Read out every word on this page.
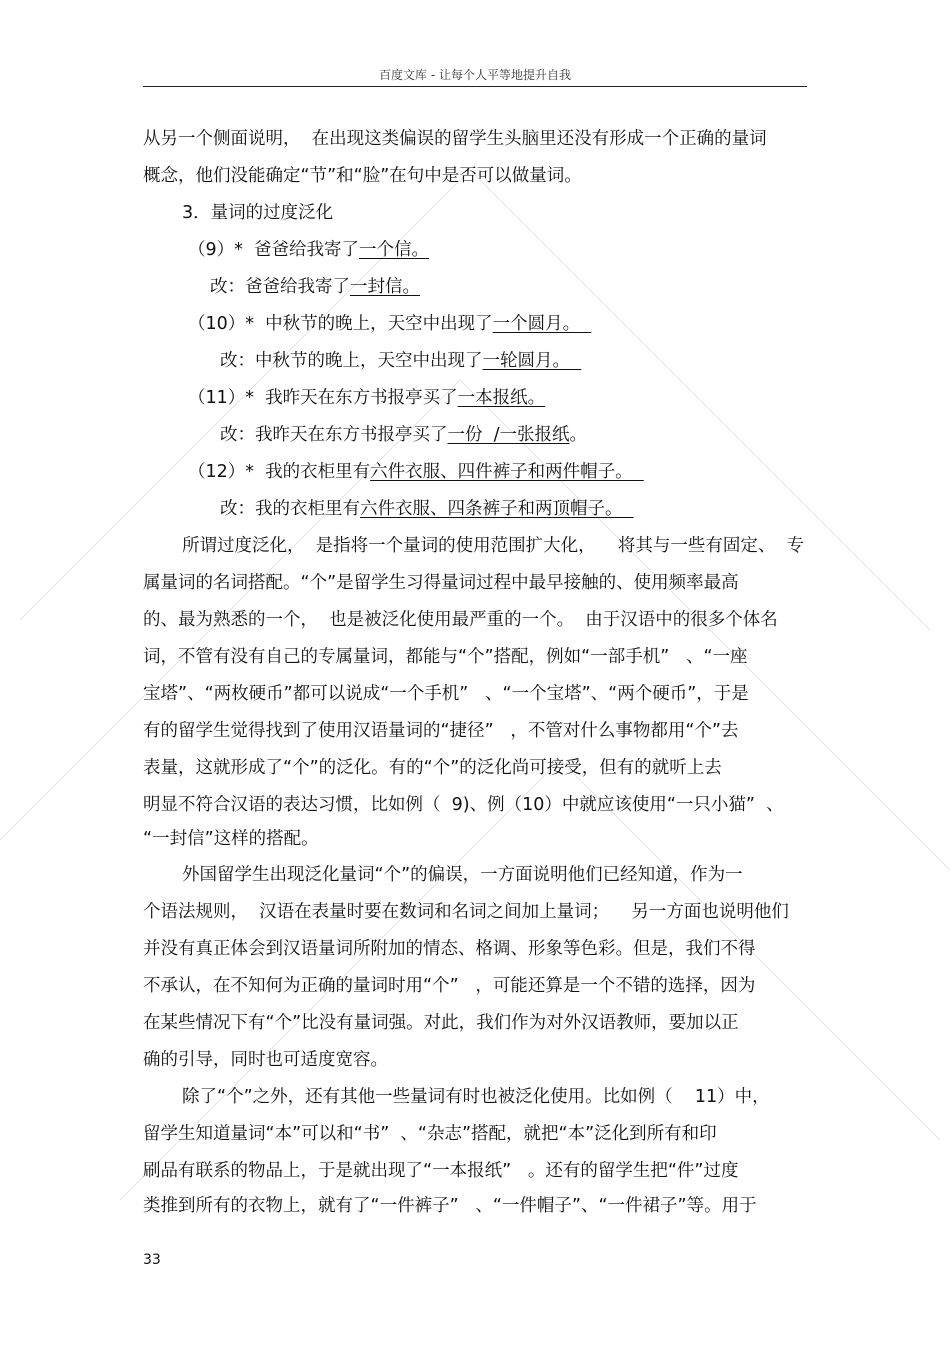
百度文库 - 让每个人平等地提升自我
从另一个侧面说明，  在出现这类偏误的留学生头脑里还没有形成一个正确的量词
概念，他们没能确定“节”和“脸”在句中是否可以做量词。
3．量词的过度泛化
（9）*  爸爸给我寄了一个信。
改：爸爸给我寄了一封信。
（10）*  中秋节的晚上，天空中出现了一个圆月。
改：中秋节的晚上，天空中出现了一轮圆月。
（11）*  我昨天在东方书报亭买了一本报纸。
改：我昨天在东方书报亭买了一份  /一张报纸。
（12）*  我的衣柜里有六件衣服、四件裤子和两件帽子。
改：我的衣柜里有六件衣服、四条裤子和两顶帽子。
所谓过度泛化，  是指将一个量词的使用范围扩大化，    将其与一些有固定、  专
属量词的名词搭配。“个”是留学生习得量词过程中最早接触的、使用频率最高
的、最为熟悉的一个，  也是被泛化使用最严重的一个。  由于汉语中的很多个体名
词，不管有没有自己的专属量词，都能与“个”搭配，例如“一部手机”   、“一座
宝塔”、“两枚硬币”都可以说成“一个手机”   、“一个宝塔”、“两个硬币”，于是
有的留学生觉得找到了使用汉语量词的“捷径”   ，不管对什么事物都用“个”去
表量，这就形成了“个”的泛化。有的“个”的泛化尚可接受，但有的就听上去
明显不符合汉语的表达习惯，比如例（  9)、例（10）中就应该使用“一只小猫”  、
“一封信”这样的搭配。
外国留学生出现泛化量词“个”的偏误，一方面说明他们已经知道，作为一
个语法规则，  汉语在表量时要在数词和名词之间加上量词；    另一方面也说明他们
并没有真正体会到汉语量词所附加的情态、格调、形象等色彩。但是，我们不得
不承认，在不知何为正确的量词时用“个”   ，可能还算是一个不错的选择，因为
在某些情况下有“个”比没有量词强。对此，我们作为对外汉语教师，要加以正
确的引导，同时也可适度宽容。
除了“个”之外，还有其他一些量词有时也被泛化使用。比如例（    11）中，
留学生知道量词“本”可以和“书”  、“杂志”搭配，就把“本”泛化到所有和印
刷品有联系的物品上，于是就出现了“一本报纸”   。还有的留学生把“件”过度
类推到所有的衣物上，就有了“一件裤子”   、“一件帽子”、“一件裙子”等。用于
33
